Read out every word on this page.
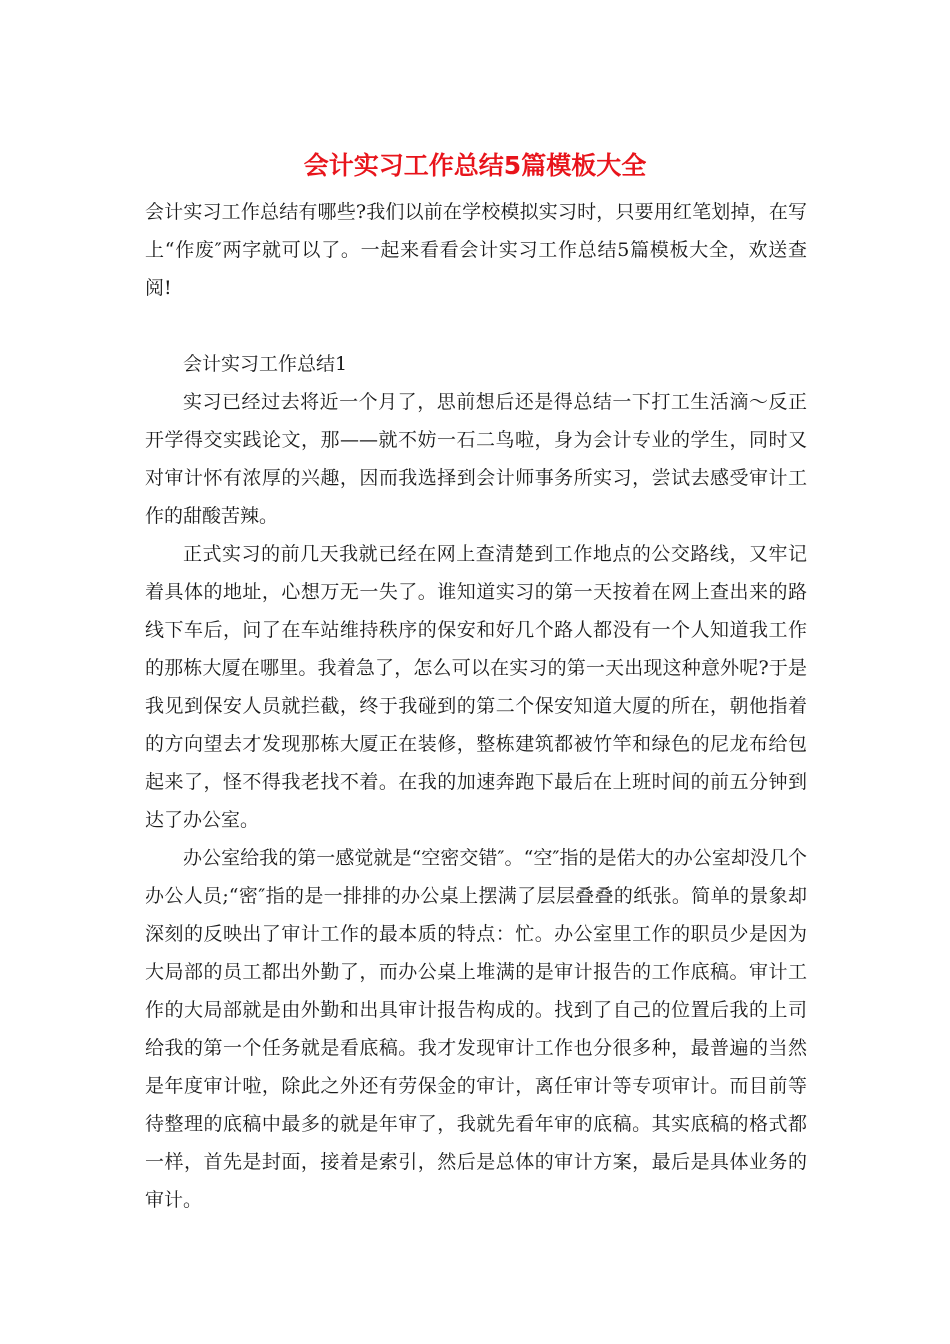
会计实习工作总结5篇模板大全

会计实习工作总结有哪些?我们以前在学校模拟实习时，只要用红笔划掉，在写上“作废″两字就可以了。一起来看看会计实习工作总结5篇模板大全，欢送查阅!

会计实习工作总结1

实习已经过去将近一个月了，思前想后还是得总结一下打工生活滴～反正开学得交实践论文，那——就不妨一石二鸟啦，身为会计专业的学生，同时又对审计怀有浓厚的兴趣，因而我选择到会计师事务所实习，尝试去感受审计工作的甜酸苦辣。

正式实习的前几天我就已经在网上查清楚到工作地点的公交路线，又牢记着具体的地址，心想万无一失了。谁知道实习的第一天按着在网上查出来的路线下车后，问了在车站维持秩序的保安和好几个路人都没有一个人知道我工作的那栋大厦在哪里。我着急了，怎么可以在实习的第一天出现这种意外呢?于是我见到保安人员就拦截，终于我碰到的第二个保安知道大厦的所在，朝他指着的方向望去才发现那栋大厦正在装修，整栋建筑都被竹竿和绿色的尼龙布给包起来了，怪不得我老找不着。在我的加速奔跑下最后在上班时间的前五分钟到达了办公室。

办公室给我的第一感觉就是“空密交错″。“空″指的是偌大的办公室却没几个办公人员;“密″指的是一排排的办公桌上摆满了层层叠叠的纸张。简单的景象却深刻的反映出了审计工作的最本质的特点：忙。办公室里工作的职员少是因为大局部的员工都出外勤了，而办公桌上堆满的是审计报告的工作底稿。审计工作的大局部就是由外勤和出具审计报告构成的。找到了自己的位置后我的上司给我的第一个任务就是看底稿。我才发现审计工作也分很多种，最普遍的当然是年度审计啦，除此之外还有劳保金的审计，离任审计等专项审计。而目前等待整理的底稿中最多的就是年审了，我就先看年审的底稿。其实底稿的格式都一样，首先是封面，接着是索引，然后是总体的审计方案，最后是具体业务的审计。
